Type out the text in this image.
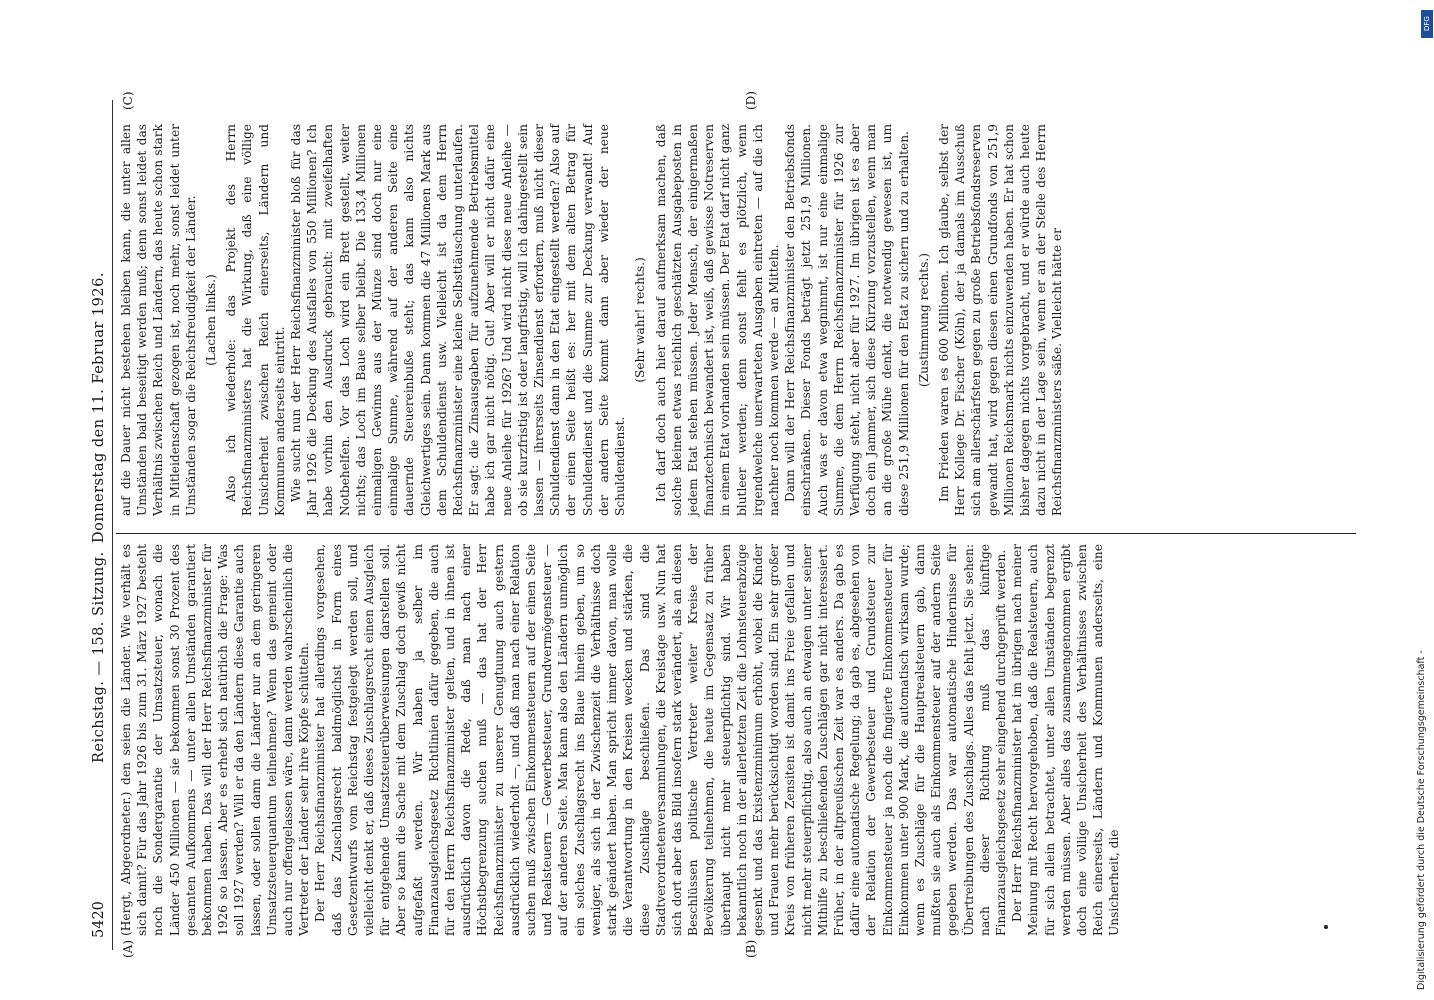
5420
Reichstag. — 158. Sitzung.
Donnerstag den 11. Februar 1926.
(A)	(B)
(C)	(D)

(Hergt, Abgeordneter.) den seien die Länder. Wie verhält es sich damit? Für das Jahr 1926 bis zum 31. März 1927 besteht noch die Sondergarantie der Umsatzsteuer, wonach die Länder 450 Millionen — sie bekommen sonst 30 Prozent des gesamten Aufkommens — unter allen Umständen garantiert bekommen haben. Das will der Herr Reichsfinanzminister für 1926 so lassen. Aber es erhebt sich natürlich die Frage: Was soll 1927 werden? Will er da den Ländern diese Garantie auch lassen, oder sollen dann die Länder nur an dem geringeren Umsatzsteuerquantum teilnehmen? Wenn das gemeint oder auch nur offengelassen wäre, dann werden wahrscheinlich die Vertreter der Länder sehr ihre Köpfe schütteln. Der Herr Reichsfinanzminister hat allerdings vorgesehen, daß das Zuschlagsrecht baldmöglichst in Form eines Gesetzentwurfs vom Reichstag festgelegt werden soll, und vielleicht denkt er, daß dieses Zuschlagsrecht einen Ausgleich für entgehende Umsatzsteuerüberweisungen darstellen soll. Aber so kann die Sache mit dem Zuschlag doch gewiß nicht aufgefaßt werden. Wir haben ja selber im Finanzausgleichsgesetz Richtlinien dafür gegeben, die auch für den Herrn Reichsfinanzminister gelten, und in ihnen ist ausdrücklich davon die Rede, daß man nach einer Höchstbegrenzung suchen muß — das hat der Herr Reichsfinanzminister zu unserer Genugtuung auch gestern ausdrücklich wiederholt —, und daß man nach einer Relation suchen muß zwischen Einkommensteuern auf der einen Seite und Realsteuern — Gewerbesteuer, Grundvermögensteuer — auf der anderen Seite. Man kann also den Ländern unmöglich ein solches Zuschlagsrecht ins Blaue hinein geben, um so weniger, als sich in der Zwischenzeit die Verhältnisse doch stark geändert haben. Man spricht immer davon, man wolle die Verantwortung in den Kreisen wecken und stärken, die diese Zuschläge beschließen. Das sind die Stadtverordnetenversammlungen, die Kreistage usw. Nun hat sich dort aber das Bild insofern stark verändert, als an diesen Beschlüssen politische Vertreter weiter Kreise der Bevölkerung teilnehmen, die heute im Gegensatz zu früher überhaupt nicht mehr steuerpflichtig sind. Wir haben bekanntlich noch in der allerletzten Zeit die Lohnsteuerabzüge gesenkt und das Existenzminimum erhöht, wobei die Kinder und Frauen mehr berücksichtigt worden sind. Ein sehr großer Kreis von früheren Zensiten ist damit ins Freie gefallen und nicht mehr steuerpflichtig, also auch an etwaigen unter seiner Mithilfe zu beschließenden Zuschlägen gar nicht interessiert. Früher, in der altpreußischen Zeit war es anders. Da gab es dafür eine automatische Regelung; da gab es, abgesehen von der Relation der Gewerbesteuer und Grundsteuer zur Einkommensteuer ja noch die fingierte Einkommensteuer für Einkommen unter 900 Mark, die automatisch wirksam wurde; wenn es Zuschläge für die Hauptrealsteuern gab, dann mußten sie auch als Einkommensteuer auf der andern Seite gegeben werden. Das war automatische Hindernisse für Übertreibungen des Zuschlags. Alles das fehlt jetzt. Sie sehen: nach dieser Richtung muß das künftige Finanzausgleichsgesetz sehr eingehend durchgeprüft werden. Der Herr Reichsfinanzminister hat im übrigen nach meiner Meinung mit Recht hervorgehoben, daß die Realsteuern, auch für sich allein betrachtet, unter allen Umständen begrenzt werden müssen. Aber alles das zusammengenommen ergibt doch eine völlige Unsicherheit des Verhältnisses zwischen Reich einerseits, Ländern und Kommunen anderseits, eine Unsicherheit, die

auf die Dauer nicht bestehen bleiben kann, die unter allen Umständen bald beseitigt werden muß; denn sonst leidet das Verhältnis zwischen Reich und Ländern, das heute schon stark in Mitleidenschaft gezogen ist, noch mehr, sonst leidet unter Umständen sogar die Reichsfreudigkeit der Länder. (Lachen links.) Also ich wiederhole: das Projekt des Herrn Reichsfinanzministers hat die Wirkung, daß eine völlige Unsicherheit zwischen Reich einerseits, Ländern und Kommunen anderseits eintritt. Wie sucht nun der Herr Reichsfinanzminister bloß für das Jahr 1926 die Deckung des Ausfalles von 550 Millionen? Ich habe vorhin den Ausdruck gebraucht: mit zweifelhaften Notbehelfen. Vor das Loch wird ein Brett gestellt, weiter nichts; das Loch im Baue selber bleibt. Die 133,4 Millionen einmaligen Gewinns aus der Münze sind doch nur eine einmalige Summe, während auf der anderen Seite eine dauernde Steuereinbuße steht; das kann also nichts Gleichwertiges sein. Dann kommen die 47 Millionen Mark aus dem Schuldendienst usw. Vielleicht ist da dem Herrn Reichsfinanzminister eine kleine Selbsttäuschung unterlaufen. Er sagt: die Zinsausgaben für aufzunehmende Betriebsmittel habe ich gar nicht nötig. Gut! Aber will er nicht dafür eine neue Anleihe für 1926? Und wird nicht diese neue Anleihe — ob sie kurzfristig ist oder langfristig, will ich dahingestellt sein lassen — ihrerseits Zinsendienst erfordern, muß nicht dieser Schuldendienst dann in den Etat eingestellt werden? Also auf der einen Seite heißt es: her mit dem alten Betrag für Schuldendienst und die Summe zur Deckung verwandt! Auf der andern Seite kommt dann aber wieder der neue Schuldendienst.

(Sehr wahr! rechts.) Ich darf doch auch hier darauf aufmerksam machen, daß solche kleinen etwas reichlich geschätzten Ausgabeposten in jedem Etat stehen müssen. Jeder Mensch, der einigermaßen finanztechnisch bewandert ist, weiß, daß gewisse Notreserven in einem Etat vorhanden sein müssen. Der Etat darf nicht ganz blutleer werden; denn sonst fehlt es plötzlich, wenn irgendwelche unerwarteten Ausgaben eintreten — auf die ich nachher noch kommen werde — an Mitteln. Dann will der Herr Reichsfinanzminister den Betriebsfonds einschränken. Dieser Fonds beträgt jetzt 251,9 Millionen. Auch was er davon etwa wegnimmt, ist nur eine einmalige Summe, die dem Herrn Reichsfinanzminister für 1926 zur Verfügung steht, nicht aber für 1927. Im übrigen ist es aber doch ein Jammer, sich diese Kürzung vorzustellen, wenn man an die große Mühe denkt, die notwendig gewesen ist, um diese 251,9 Millionen für den Etat zu sichern und zu erhalten. (Zustimmung rechts.) Im Frieden waren es 600 Millionen. Ich glaube, selbst der Herr Kollege Dr. Fischer (Köln), der ja damals im Ausschuß sich am allerschärfsten gegen zu große Betriebsfondsreserven gewandt hat, wird gegen diesen einen Grundfonds von 251,9 Millionen Reichsmark nichts einzuwenden haben. Er hat schon bisher dagegen nichts vorgebracht, und er würde auch heute dazu nicht in der Lage sein, wenn er an der Stelle des Herrn Reichsfinanzministers säße. Vielleicht hätte er

DFG
Digitalisierung gefördert durch die Deutsche Forschungsgemeinschaft -
